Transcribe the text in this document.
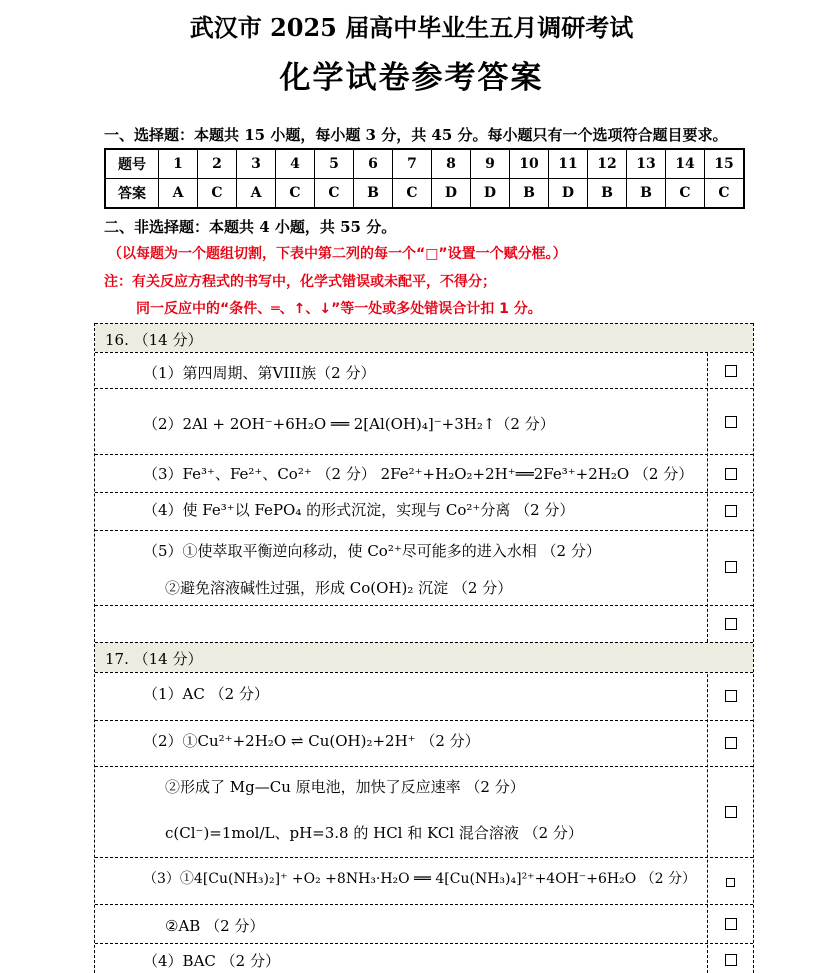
武汉市 2025 届高中毕业生五月调研考试
化学试卷参考答案
一、选择题：本题共 15 小题，每小题 3 分，共 45 分。每小题只有一个选项符合题目要求。
题号	1	2	3	4	5	6	7	8	9	10	11	12	13	14	15
答案	A	C	A	C	C	B	C	D	D	B	D	B	B	C	C
二、非选择题：本题共 4 小题，共 55 分。
（以每题为一个题组切割，下表中第二列的每一个“□”设置一个赋分框。）
注：有关反应方程式的书写中，化学式错误或未配平，不得分；
同一反应中的“条件、═、↑、↓”等一处或多处错误合计扣 1 分。
16. （14 分）
（1）第四周期、第VIII族（2 分）
（2）2Al + 2OH⁻+6H₂O ══ 2[Al(OH)₄]⁻+3H₂↑（2 分）
（3）Fe³⁺、Fe²⁺、Co²⁺ （2 分） 2Fe²⁺+H₂O₂+2H⁺══2Fe³⁺+2H₂O （2 分）
（4）使 Fe³⁺以 FePO₄ 的形式沉淀，实现与 Co²⁺分离 （2 分）
（5）①使萃取平衡逆向移动，使 Co²⁺尽可能多的进入水相 （2 分）
②避免溶液碱性过强，形成 Co(OH)₂ 沉淀 （2 分）
17. （14 分）
（1）AC （2 分）
（2）①Cu²⁺+2H₂O ⇌ Cu(OH)₂+2H⁺ （2 分）
②形成了 Mg—Cu 原电池，加快了反应速率 （2 分）
c(Cl⁻)=1mol/L、pH=3.8 的 HCl 和 KCl 混合溶液 （2 分）
（3）①4[Cu(NH₃)₂]⁺ +O₂ +8NH₃·H₂O ══ 4[Cu(NH₃)₄]²⁺+4OH⁻+6H₂O （2 分）
②AB （2 分）
（4）BAC （2 分）
